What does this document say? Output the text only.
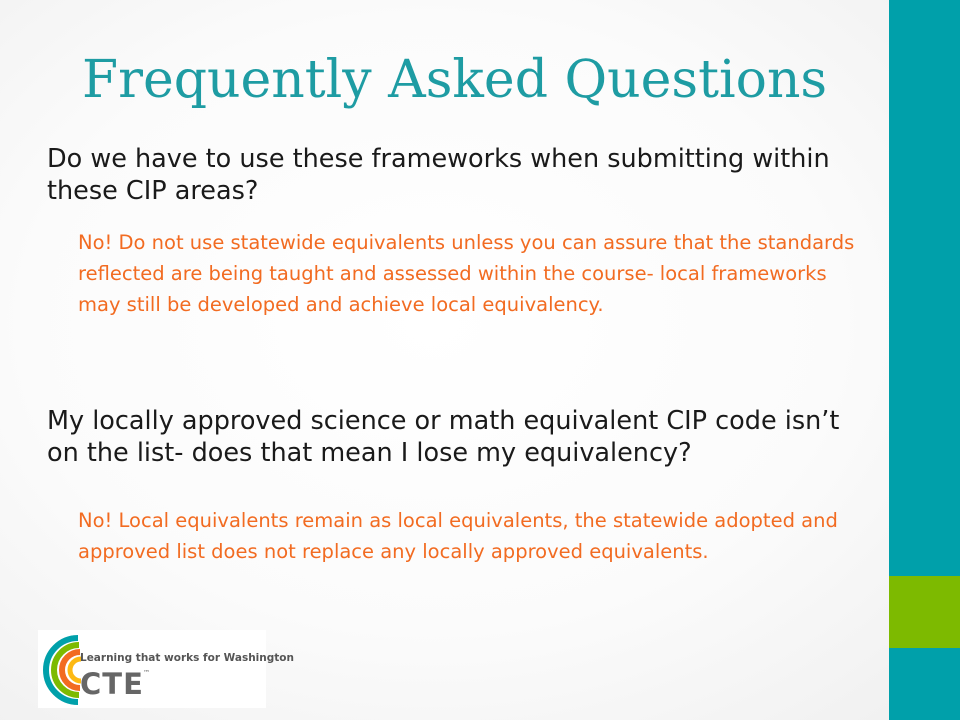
Frequently Asked Questions

Do we have to use these frameworks when submitting within these CIP areas?

No! Do not use statewide equivalents unless you can assure that the standards reflected are being taught and assessed within the course- local frameworks may still be developed and achieve local equivalency.

My locally approved science or math equivalent CIP code isn’t on the list- does that mean I lose my equivalency?

No! Local equivalents remain as local equivalents, the statewide adopted and approved list does not replace any locally approved equivalents.

Learning that works for Washington
CTE ™
